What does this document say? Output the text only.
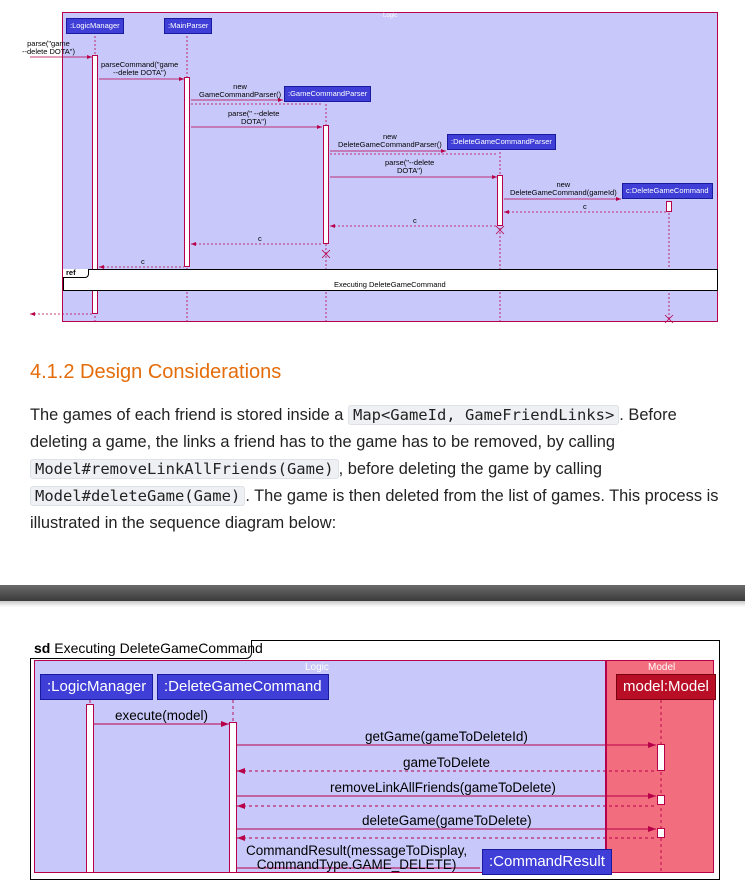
Logic
:LogicManager	:MainParser
:GameCommandParser
:DeleteGameCommandParser
c:DeleteGameCommand
parse("game
--delete DOTA")
parseCommand("game
--delete DOTA")
new
GameCommandParser()
parse(" --delete
DOTA")
new
DeleteGameCommandParser()
parse("--delete
DOTA")
new
DeleteGameCommand(gameId)
c
c
c
c
ref
Executing DeleteGameCommand
4.1.2 Design Considerations
The games of each friend is stored inside a Map<GameId, GameFriendLinks> . Before deleting a game, the links a friend has to the game has to be removed, by calling Model#removeLinkAllFriends(Game) , before deleting the game by calling Model#deleteGame(Game) . The game is then deleted from the list of games. This process is illustrated in the sequence diagram below:
sd Executing DeleteGameCommand
Logic	Model
:LogicManager	:DeleteGameCommand	model:Model
:CommandResult
execute(model)
getGame(gameToDeleteId)
gameToDelete
removeLinkAllFriends(gameToDelete)
deleteGame(gameToDelete)
CommandResult(messageToDisplay,
CommandType.GAME_DELETE)
